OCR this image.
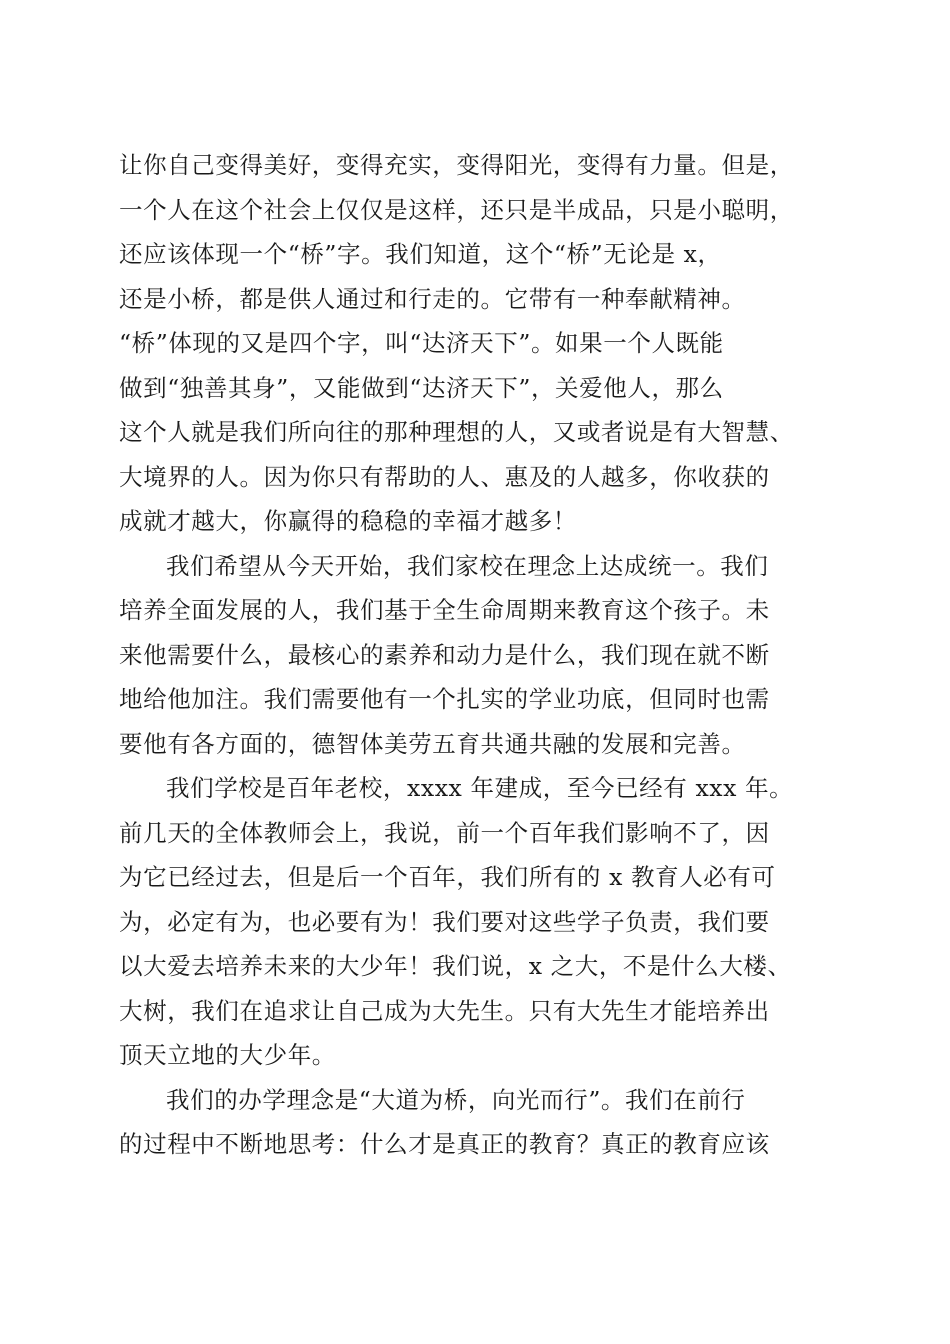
让你自己变得美好，变得充实，变得阳光，变得有力量。但是，
一个人在这个社会上仅仅是这样，还只是半成品，只是小聪明，
还应该体现一个“桥”字。我们知道，这个“桥”无论是 x，
还是小桥，都是供人通过和行走的。它带有一种奉献精神。
“桥”体现的又是四个字，叫“达济天下”。如果一个人既能
做到“独善其身”，又能做到“达济天下”，关爱他人，那么
这个人就是我们所向往的那种理想的人，又或者说是有大智慧、
大境界的人。因为你只有帮助的人、惠及的人越多，你收获的
成就才越大，你赢得的稳稳的幸福才越多！
我们希望从今天开始，我们家校在理念上达成统一。我们
培养全面发展的人，我们基于全生命周期来教育这个孩子。未
来他需要什么，最核心的素养和动力是什么，我们现在就不断
地给他加注。我们需要他有一个扎实的学业功底，但同时也需
要他有各方面的，德智体美劳五育共通共融的发展和完善。
我们学校是百年老校，xxxx 年建成，至今已经有 xxx 年。
前几天的全体教师会上，我说，前一个百年我们影响不了，因
为它已经过去，但是后一个百年，我们所有的 x 教育人必有可
为，必定有为，也必要有为！我们要对这些学子负责，我们要
以大爱去培养未来的大少年！我们说，x 之大，不是什么大楼、
大树，我们在追求让自己成为大先生。只有大先生才能培养出
顶天立地的大少年。
我们的办学理念是“大道为桥，向光而行”。我们在前行
的过程中不断地思考：什么才是真正的教育？真正的教育应该
